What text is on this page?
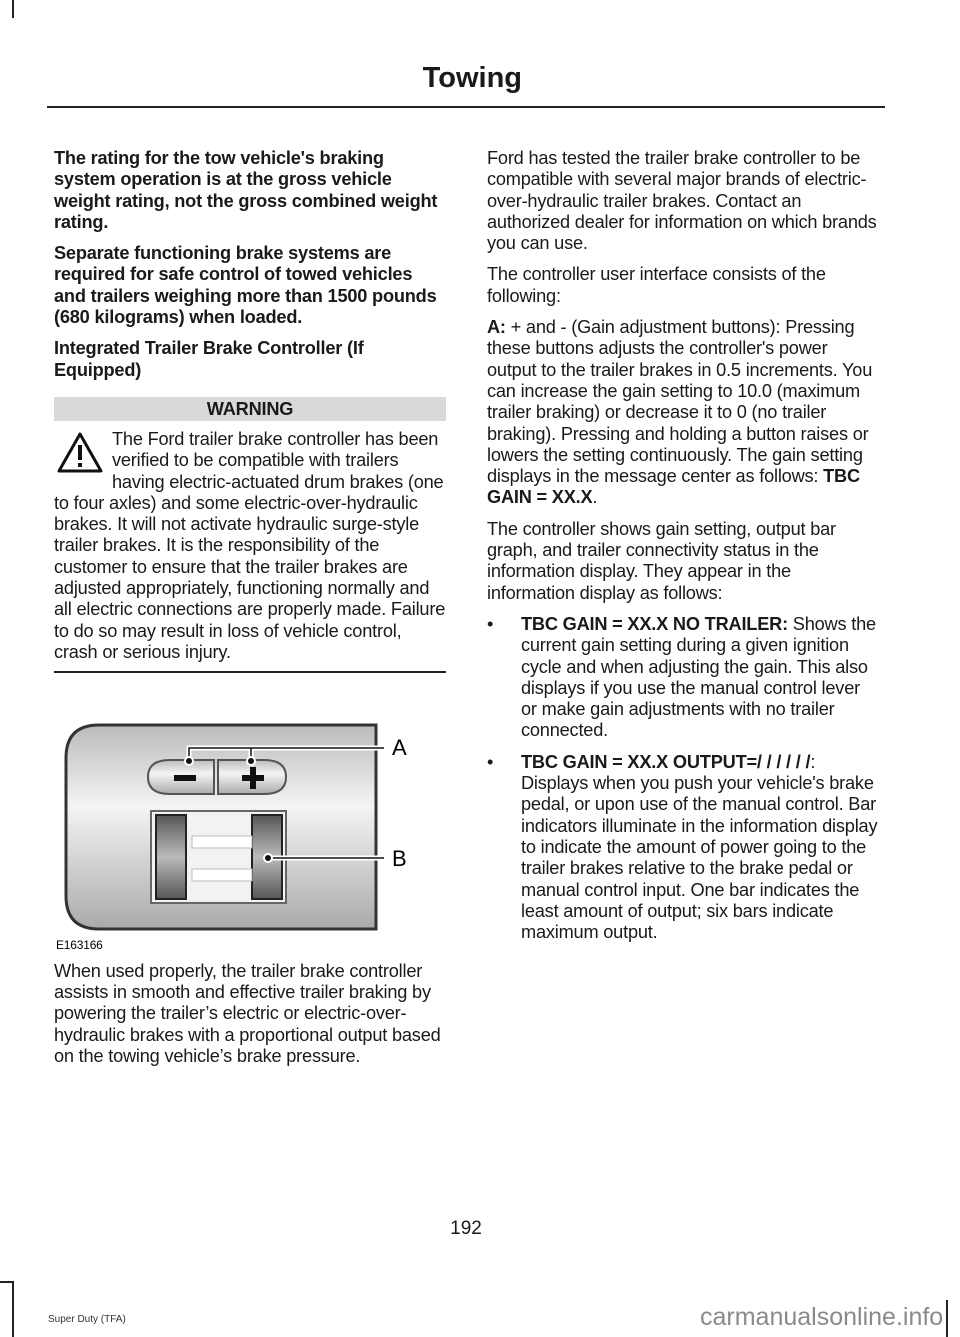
Towing

The rating for the tow vehicle's braking system operation is at the gross vehicle weight rating, not the gross combined weight rating.

Separate functioning brake systems are required for safe control of towed vehicles and trailers weighing more than 1500 pounds (680 kilograms) when loaded.

Integrated Trailer Brake Controller (If Equipped)

WARNING
The Ford trailer brake controller has been verified to be compatible with trailers having electric-actuated drum brakes (one to four axles) and some electric-over-hydraulic brakes. It will not activate hydraulic surge-style trailer brakes. It is the responsibility of the customer to ensure that the trailer brakes are adjusted appropriately, functioning normally and all electric connections are properly made. Failure to do so may result in loss of vehicle control, crash or serious injury.
A
B
E163166

When used properly, the trailer brake controller assists in smooth and effective trailer braking by powering the trailer’s electric or electric-over-hydraulic brakes with a proportional output based on the towing vehicle’s brake pressure.

Ford has tested the trailer brake controller to be compatible with several major brands of electric-over-hydraulic trailer brakes. Contact an authorized dealer for information on which brands you can use.

The controller user interface consists of the following:

A: + and - (Gain adjustment buttons): Pressing these buttons adjusts the controller's power output to the trailer brakes in 0.5 increments. You can increase the gain setting to 10.0 (maximum trailer braking) or decrease it to 0 (no trailer braking). Pressing and holding a button raises or lowers the setting continuously. The gain setting displays in the message center as follows: TBC GAIN = XX.X.

The controller shows gain setting, output bar graph, and trailer connectivity status in the information display. They appear in the information display as follows:

• TBC GAIN = XX.X NO TRAILER: Shows the current gain setting during a given ignition cycle and when adjusting the gain. This also displays if you use the manual control lever or make gain adjustments with no trailer connected.
• TBC GAIN = XX.X OUTPUT=/ / / / / /: Displays when you push your vehicle's brake pedal, or upon use of the manual control. Bar indicators illuminate in the information display to indicate the amount of power going to the trailer brakes relative to the brake pedal or manual control input. One bar indicates the least amount of output; six bars indicate maximum output.
192
Super Duty (TFA)	carmanualsonline.info
